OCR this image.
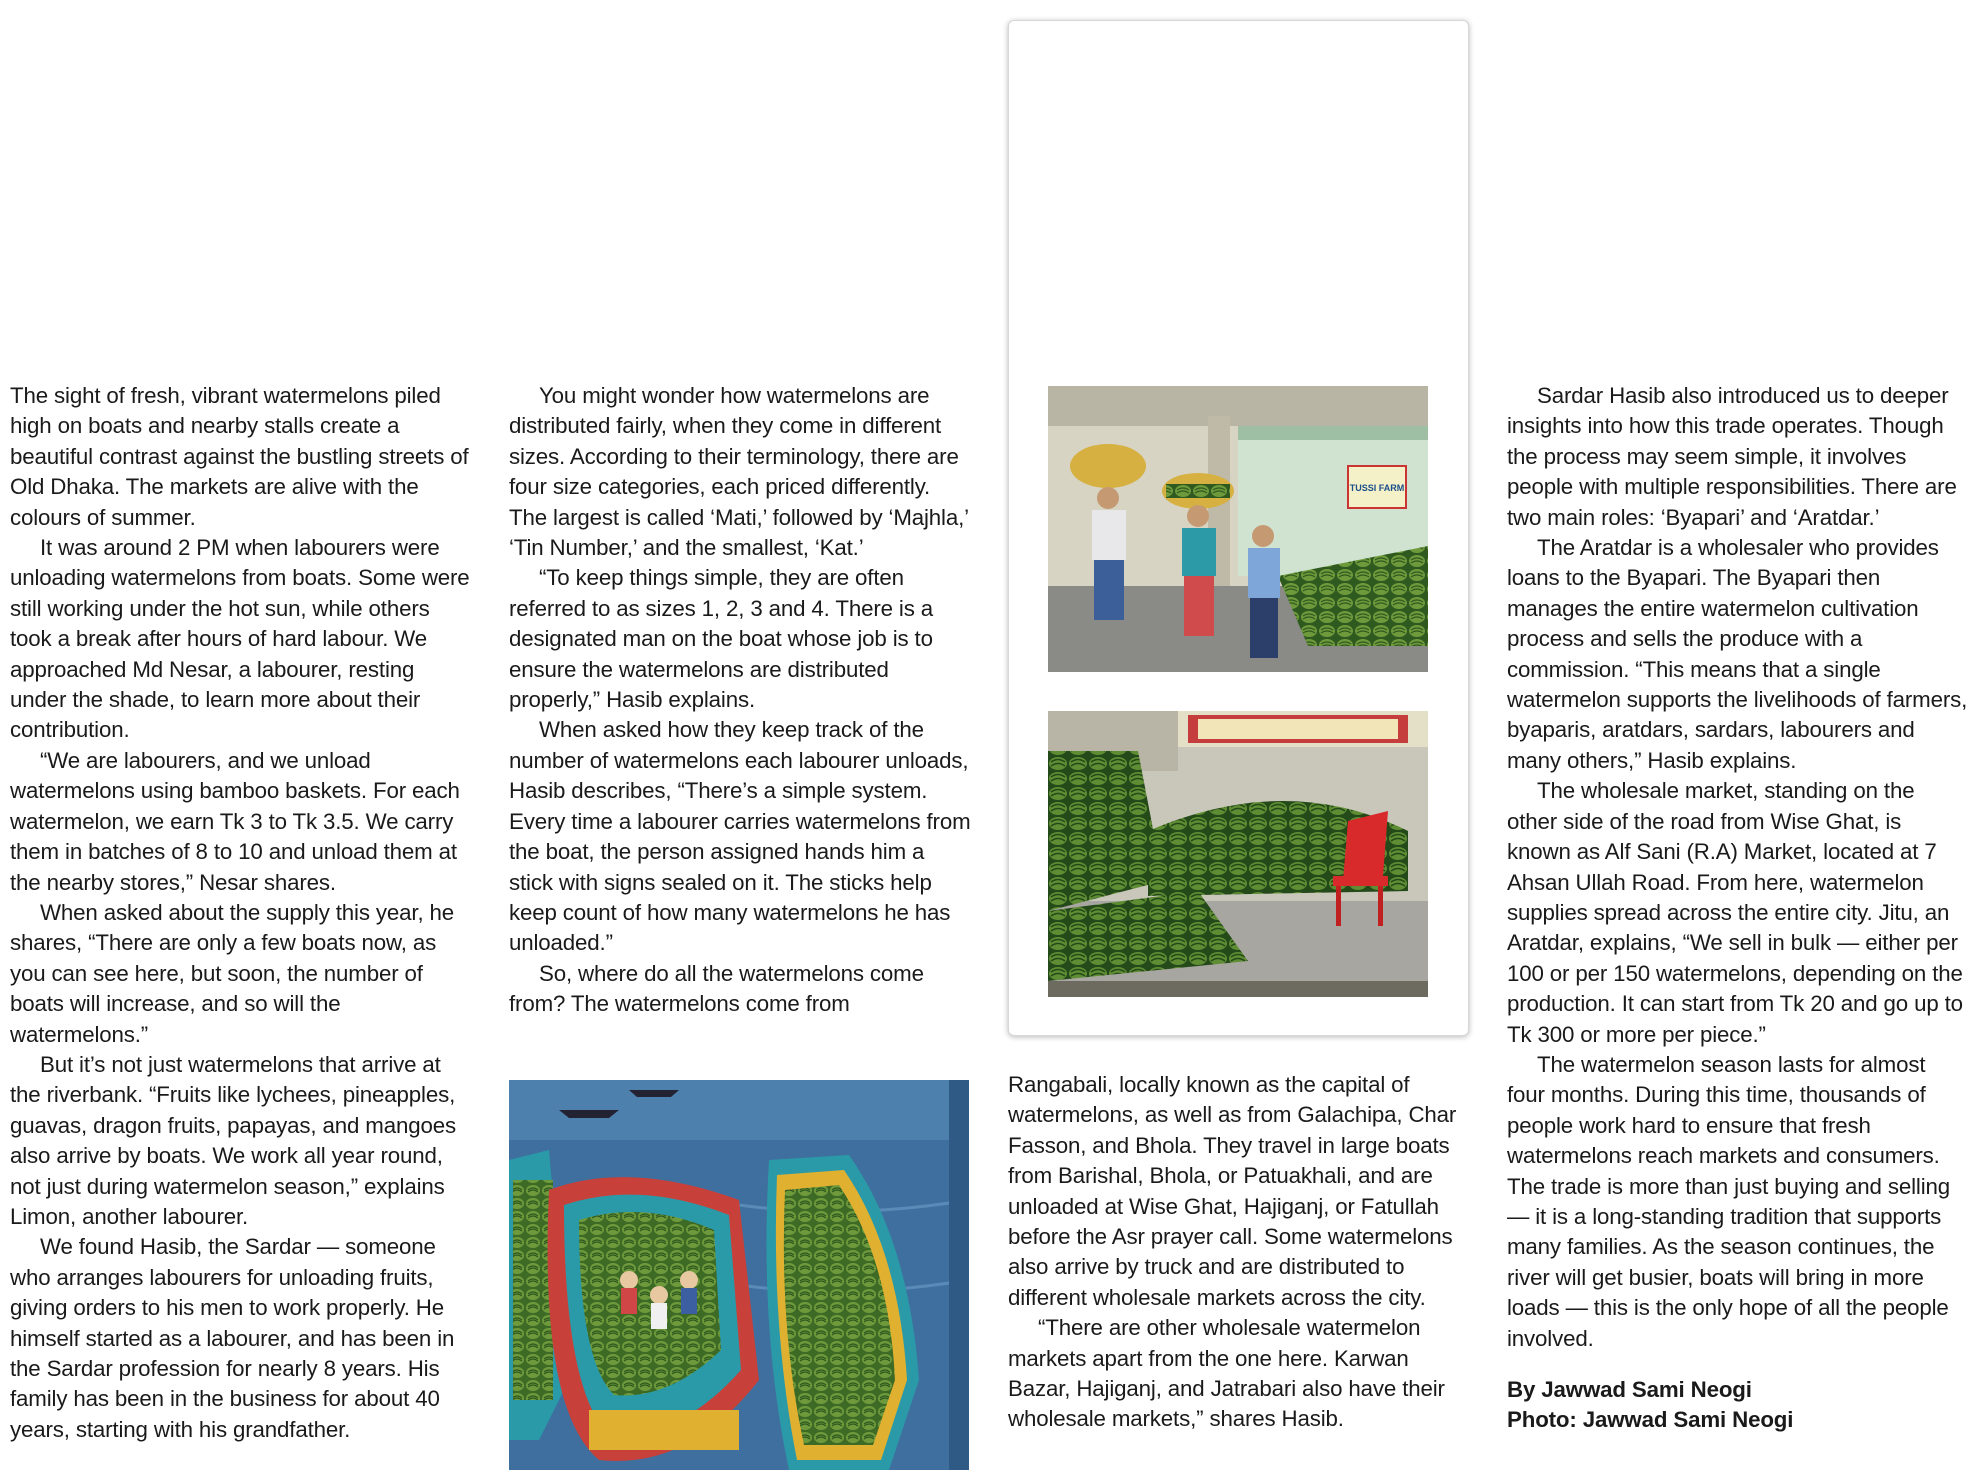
The sight of fresh, vibrant watermelons piled high on boats and nearby stalls create a beautiful contrast against the bustling streets of Old Dhaka. The markets are alive with the colours of summer.

It was around 2 PM when labourers were unloading watermelons from boats. Some were still working under the hot sun, while others took a break after hours of hard labour. We approached Md Nesar, a labourer, resting under the shade, to learn more about their contribution.

“We are labourers, and we unload watermelons using bamboo baskets. For each watermelon, we earn Tk 3 to Tk 3.5. We carry them in batches of 8 to 10 and unload them at the nearby stores,” Nesar shares.

When asked about the supply this year, he shares, “There are only a few boats now, as you can see here, but soon, the number of boats will increase, and so will the watermelons.”

But it’s not just watermelons that arrive at the riverbank. “Fruits like lychees, pineapples, guavas, dragon fruits, papayas, and mangoes also arrive by boats. We work all year round, not just during watermelon season,” explains Limon, another labourer.

We found Hasib, the Sardar — someone who arranges labourers for unloading fruits, giving orders to his men to work properly. He himself started as a labourer, and has been in the Sardar profession for nearly 8 years. His family has been in the business for about 40 years, starting with his grandfather.

You might wonder how watermelons are distributed fairly, when they come in different sizes. According to their terminology, there are four size categories, each priced differently. The largest is called ‘Mati,’ followed by ‘Majhla,’ ‘Tin Number,’ and the smallest, ‘Kat.’

“To keep things simple, they are often referred to as sizes 1, 2, 3 and 4. There is a designated man on the boat whose job is to ensure the watermelons are distributed properly,” Hasib explains.

When asked how they keep track of the number of watermelons each labourer unloads, Hasib describes, “There’s a simple system. Every time a labourer carries watermelons from the boat, the person assigned hands him a stick with signs sealed on it. The sticks help keep count of how many watermelons he has unloaded.”

So, where do all the watermelons come from? The watermelons come from

TUSSI FARM

Rangabali, locally known as the capital of watermelons, as well as from Galachipa, Char Fasson, and Bhola. They travel in large boats from Barishal, Bhola, or Patuakhali, and are unloaded at Wise Ghat, Hajiganj, or Fatullah before the Asr prayer call. Some watermelons also arrive by truck and are distributed to different wholesale markets across the city.

“There are other wholesale watermelon markets apart from the one here. Karwan Bazar, Hajiganj, and Jatrabari also have their wholesale markets,” shares Hasib.

Sardar Hasib also introduced us to deeper insights into how this trade operates. Though the process may seem simple, it involves people with multiple responsibilities. There are two main roles: ‘Byapari’ and ‘Aratdar.’

The Aratdar is a wholesaler who provides loans to the Byapari. The Byapari then manages the entire watermelon cultivation process and sells the produce with a commission. “This means that a single watermelon supports the livelihoods of farmers, byaparis, aratdars, sardars, labourers and many others,” Hasib explains.

The wholesale market, standing on the other side of the road from Wise Ghat, is known as Alf Sani (R.A) Market, located at 7 Ahsan Ullah Road. From here, watermelon supplies spread across the entire city. Jitu, an Aratdar, explains, “We sell in bulk — either per 100 or per 150 watermelons, depending on the production. It can start from Tk 20 and go up to Tk 300 or more per piece.”

The watermelon season lasts for almost four months. During this time, thousands of people work hard to ensure that fresh watermelons reach markets and consumers. The trade is more than just buying and selling — it is a long-standing tradition that supports many families. As the season continues, the river will get busier, boats will bring in more loads — this is the only hope of all the people involved.

By Jawwad Sami Neogi
Photo: Jawwad Sami Neogi
